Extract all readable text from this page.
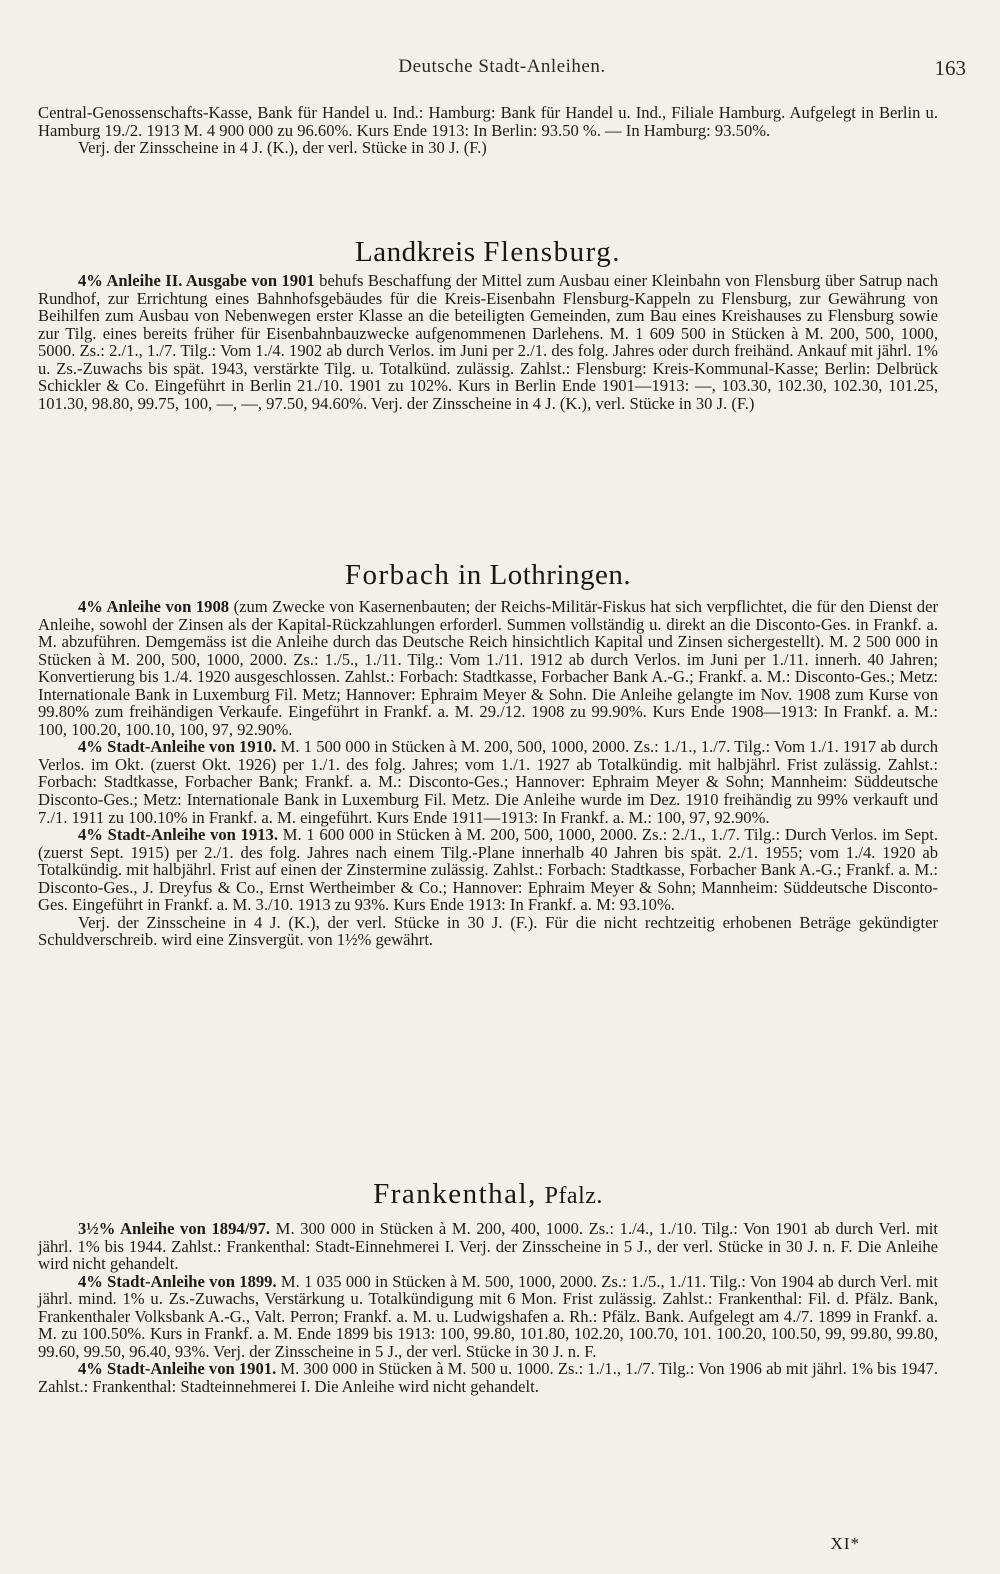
Deutsche Stadt-Anleihen.	163

Central-Genossenschafts-Kasse, Bank für Handel u. Ind.: Hamburg: Bank für Handel u. Ind., Filiale Hamburg. Aufgelegt in Berlin u. Hamburg 19./2. 1913 M. 4 900 000 zu 96.60%. Kurs Ende 1913: In Berlin: 93.50 %. — In Hamburg: 93.50%.

Verj. der Zinsscheine in 4 J. (K.), der verl. Stücke in 30 J. (F.)

Landkreis Flensburg.

4% Anleihe II. Ausgabe von 1901 behufs Beschaffung der Mittel zum Ausbau einer Kleinbahn von Flensburg über Satrup nach Rundhof, zur Errichtung eines Bahnhofsgebäudes für die Kreis-Eisenbahn Flensburg-Kappeln zu Flensburg, zur Gewährung von Beihilfen zum Ausbau von Nebenwegen erster Klasse an die beteiligten Gemeinden, zum Bau eines Kreishauses zu Flensburg sowie zur Tilg. eines bereits früher für Eisenbahnbauzwecke aufgenommenen Darlehens. M. 1 609 500 in Stücken à M. 200, 500, 1000, 5000. Zs.: 2./1., 1./7. Tilg.: Vom 1./4. 1902 ab durch Verlos. im Juni per 2./1. des folg. Jahres oder durch freihänd. Ankauf mit jährl. 1% u. Zs.-Zuwachs bis spät. 1943, verstärkte Tilg. u. Totalkünd. zulässig. Zahlst.: Flensburg: Kreis-Kommunal-Kasse; Berlin: Delbrück Schickler & Co. Eingeführt in Berlin 21./10. 1901 zu 102%. Kurs in Berlin Ende 1901—1913: —, 103.30, 102.30, 102.30, 101.25, 101.30, 98.80, 99.75, 100, —, —, 97.50, 94.60%. Verj. der Zinsscheine in 4 J. (K.), verl. Stücke in 30 J. (F.)

Forbach in Lothringen.

4% Anleihe von 1908 (zum Zwecke von Kasernenbauten; der Reichs-Militär-Fiskus hat sich verpflichtet, die für den Dienst der Anleihe, sowohl der Zinsen als der Kapital-Rückzahlungen erforderl. Summen vollständig u. direkt an die Disconto-Ges. in Frankf. a. M. abzuführen. Demgemäss ist die Anleihe durch das Deutsche Reich hinsichtlich Kapital und Zinsen sichergestellt). M. 2 500 000 in Stücken à M. 200, 500, 1000, 2000. Zs.: 1./5., 1./11. Tilg.: Vom 1./11. 1912 ab durch Verlos. im Juni per 1./11. innerh. 40 Jahren; Konvertierung bis 1./4. 1920 ausgeschlossen. Zahlst.: Forbach: Stadtkasse, Forbacher Bank A.-G.; Frankf. a. M.: Disconto-Ges.; Metz: Internationale Bank in Luxemburg Fil. Metz; Hannover: Ephraim Meyer & Sohn. Die Anleihe gelangte im Nov. 1908 zum Kurse von 99.80% zum freihändigen Verkaufe. Eingeführt in Frankf. a. M. 29./12. 1908 zu 99.90%. Kurs Ende 1908—1913: In Frankf. a. M.: 100, 100.20, 100.10, 100, 97, 92.90%.

4% Stadt-Anleihe von 1910. M. 1 500 000 in Stücken à M. 200, 500, 1000, 2000. Zs.: 1./1., 1./7. Tilg.: Vom 1./1. 1917 ab durch Verlos. im Okt. (zuerst Okt. 1926) per 1./1. des folg. Jahres; vom 1./1. 1927 ab Totalkündig. mit halbjährl. Frist zulässig. Zahlst.: Forbach: Stadtkasse, Forbacher Bank; Frankf. a. M.: Disconto-Ges.; Hannover: Ephraim Meyer & Sohn; Mannheim: Süddeutsche Disconto-Ges.; Metz: Internationale Bank in Luxemburg Fil. Metz. Die Anleihe wurde im Dez. 1910 freihändig zu 99% verkauft und 7./1. 1911 zu 100.10% in Frankf. a. M. eingeführt. Kurs Ende 1911—1913: In Frankf. a. M.: 100, 97, 92.90%.

4% Stadt-Anleihe von 1913. M. 1 600 000 in Stücken à M. 200, 500, 1000, 2000. Zs.: 2./1., 1./7. Tilg.: Durch Verlos. im Sept. (zuerst Sept. 1915) per 2./1. des folg. Jahres nach einem Tilg.-Plane innerhalb 40 Jahren bis spät. 2./1. 1955; vom 1./4. 1920 ab Totalkündig. mit halbjährl. Frist auf einen der Zinstermine zulässig. Zahlst.: Forbach: Stadtkasse, Forbacher Bank A.-G.; Frankf. a. M.: Disconto-Ges., J. Dreyfus & Co., Ernst Wertheimber & Co.; Hannover: Ephraim Meyer & Sohn; Mannheim: Süddeutsche Disconto-Ges. Eingeführt in Frankf. a. M. 3./10. 1913 zu 93%. Kurs Ende 1913: In Frankf. a. M: 93.10%.

Verj. der Zinsscheine in 4 J. (K.), der verl. Stücke in 30 J. (F.). Für die nicht rechtzeitig erhobenen Beträge gekündigter Schuldverschreib. wird eine Zinsvergüt. von 1½% gewährt.

Frankenthal, Pfalz.

3½% Anleihe von 1894/97. M. 300 000 in Stücken à M. 200, 400, 1000. Zs.: 1./4., 1./10. Tilg.: Von 1901 ab durch Verl. mit jährl. 1% bis 1944. Zahlst.: Frankenthal: Stadt-Einnehmerei I. Verj. der Zinsscheine in 5 J., der verl. Stücke in 30 J. n. F. Die Anleihe wird nicht gehandelt.

4% Stadt-Anleihe von 1899. M. 1 035 000 in Stücken à M. 500, 1000, 2000. Zs.: 1./5., 1./11. Tilg.: Von 1904 ab durch Verl. mit jährl. mind. 1% u. Zs.-Zuwachs, Verstärkung u. Totalkündigung mit 6 Mon. Frist zulässig. Zahlst.: Frankenthal: Fil. d. Pfälz. Bank, Frankenthaler Volksbank A.-G., Valt. Perron; Frankf. a. M. u. Ludwigshafen a. Rh.: Pfälz. Bank. Aufgelegt am 4./7. 1899 in Frankf. a. M. zu 100.50%. Kurs in Frankf. a. M. Ende 1899 bis 1913: 100, 99.80, 101.80, 102.20, 100.70, 101. 100.20, 100.50, 99, 99.80, 99.80, 99.60, 99.50, 96.40, 93%. Verj. der Zinsscheine in 5 J., der verl. Stücke in 30 J. n. F.

4% Stadt-Anleihe von 1901. M. 300 000 in Stücken à M. 500 u. 1000. Zs.: 1./1., 1./7. Tilg.: Von 1906 ab mit jährl. 1% bis 1947. Zahlst.: Frankenthal: Stadteinnehmerei I. Die Anleihe wird nicht gehandelt.

XI*
